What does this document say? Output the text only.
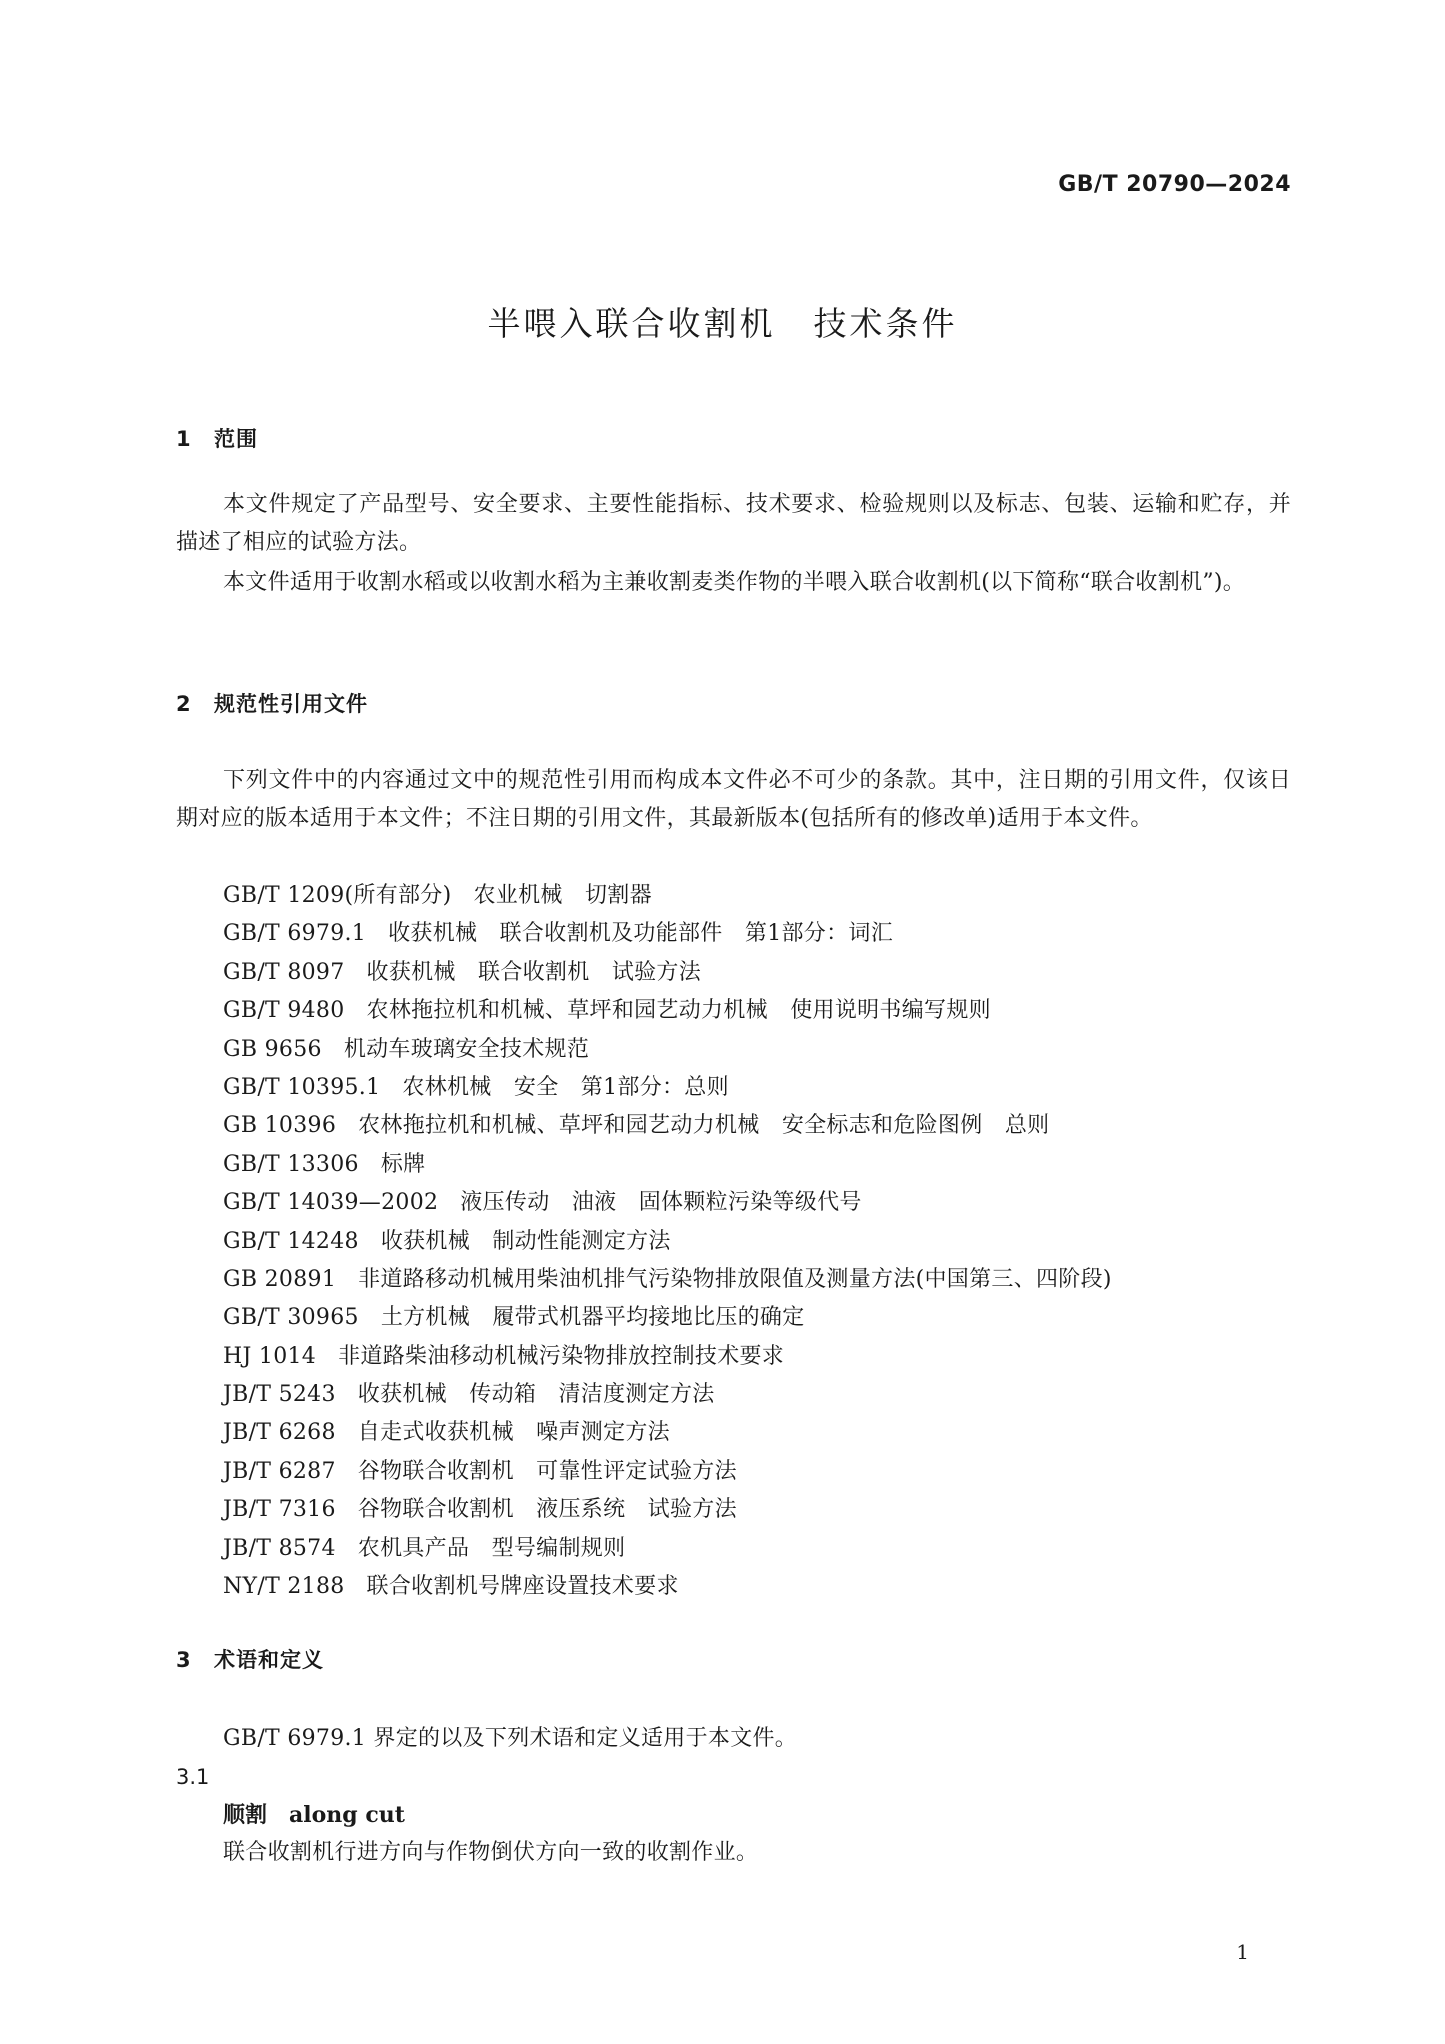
GB/T 20790—2024
半喂入联合收割机 技术条件
1 范围
本文件规定了产品型号、安全要求、主要性能指标、技术要求、检验规则以及标志、包装、运输和贮存，并描述了相应的试验方法。
本文件适用于收割水稻或以收割水稻为主兼收割麦类作物的半喂入联合收割机(以下简称“联合收割机”)。
2 规范性引用文件
下列文件中的内容通过文中的规范性引用而构成本文件必不可少的条款。其中，注日期的引用文件，仅该日期对应的版本适用于本文件；不注日期的引用文件，其最新版本(包括所有的修改单)适用于本文件。
GB/T 1209(所有部分) 农业机械　切割器
GB/T 6979.1 收获机械　联合收割机及功能部件　第1部分：词汇
GB/T 8097 收获机械　联合收割机　试验方法
GB/T 9480 农林拖拉机和机械、草坪和园艺动力机械　使用说明书编写规则
GB 9656 机动车玻璃安全技术规范
GB/T 10395.1 农林机械　安全　第1部分：总则
GB 10396 农林拖拉机和机械、草坪和园艺动力机械　安全标志和危险图例　总则
GB/T 13306 标牌
GB/T 14039—2002 液压传动　油液　固体颗粒污染等级代号
GB/T 14248 收获机械　制动性能测定方法
GB 20891 非道路移动机械用柴油机排气污染物排放限值及测量方法(中国第三、四阶段)
GB/T 30965 土方机械　履带式机器平均接地比压的确定
HJ 1014 非道路柴油移动机械污染物排放控制技术要求
JB/T 5243 收获机械　传动箱　清洁度测定方法
JB/T 6268 自走式收获机械　噪声测定方法
JB/T 6287 谷物联合收割机　可靠性评定试验方法
JB/T 7316 谷物联合收割机　液压系统　试验方法
JB/T 8574 农机具产品　型号编制规则
NY/T 2188 联合收割机号牌座设置技术要求
3 术语和定义
GB/T 6979.1 界定的以及下列术语和定义适用于本文件。
3.1
顺割 along cut
联合收割机行进方向与作物倒伏方向一致的收割作业。
1
